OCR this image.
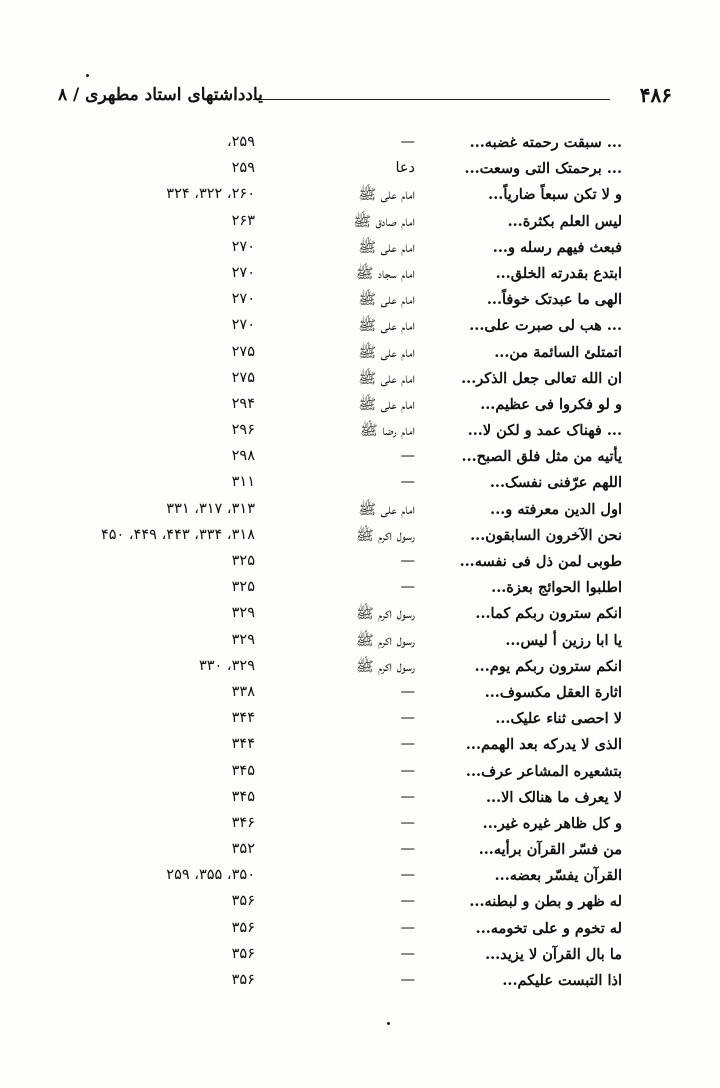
۴۸۶
یادداشتهای استاد مطهری / ۸
... سبقت رحمته غضبه...
—
۲۵۹،
... برحمتک التی وسعت...
دعا
۲۵۹
و لا تکن سبعاً ضاریاً...
امام علی ﷺ
۲۶۰، ۳۲۲، ۳۲۴
لیس العلم بکثرة...
امام صادق ﷺ
۲۶۳
فبعث فیهم رسله و...
امام علی ﷺ
۲۷۰
ابتدع بقدرته الخلق...
امام سجاد ﷺ
۲۷۰
الهی ما عبدتک خوفاً...
امام علی ﷺ
۲۷۰
... هب لی صبرت علی...
امام علی ﷺ
۲۷۰
اتمتلئ السائمة من...
امام علی ﷺ
۲۷۵
ان الله تعالی جعل الذکر...
امام علی ﷺ
۲۷۵
و لو فکروا فی عظیم...
امام علی ﷺ
۲۹۴
... فهناک عمد و لکن لا...
امام رضا ﷺ
۲۹۶
یأتیه من مثل فلق الصبح...
—
۲۹۸
اللهم عرّفنی نفسک...
—
۳۱۱
اول الدین معرفته و...
امام علی ﷺ
۳۱۳، ۳۱۷، ۳۳۱
نحن الآخرون السابقون...
رسول اکرم ﷺ
۳۱۸، ۳۳۴، ۴۴۳، ۴۴۹، ۴۵۰
طوبی لمن ذل فی نفسه...
—
۳۲۵
اطلبوا الحوائج بعزة...
—
۳۲۵
انکم سترون ربکم کما...
رسول اکرم ﷺ
۳۲۹
یا ابا رزین أ لیس...
رسول اکرم ﷺ
۳۲۹
انکم سترون ربکم یوم...
رسول اکرم ﷺ
۳۲۹، ۳۳۰
اثارة العقل مکسوف...
—
۳۳۸
لا احصی ثناء علیک...
—
۳۴۴
الذی لا یدرکه بعد الهمم...
—
۳۴۴
بتشعیره المشاعر عرف...
—
۳۴۵
لا یعرف ما هنالک الا...
—
۳۴۵
و کل ظاهر غیره غیر...
—
۳۴۶
من فسّر القرآن برأیه...
—
۳۵۲
القرآن یفسّر بعضه...
—
۳۵۰، ۳۵۵، ۲۵۹
له ظهر و بطن و لبطنه...
—
۳۵۶
له تخوم و علی تخومه...
—
۳۵۶
ما بال القرآن لا یزید...
—
۳۵۶
اذا التبست علیکم...
—
۳۵۶
